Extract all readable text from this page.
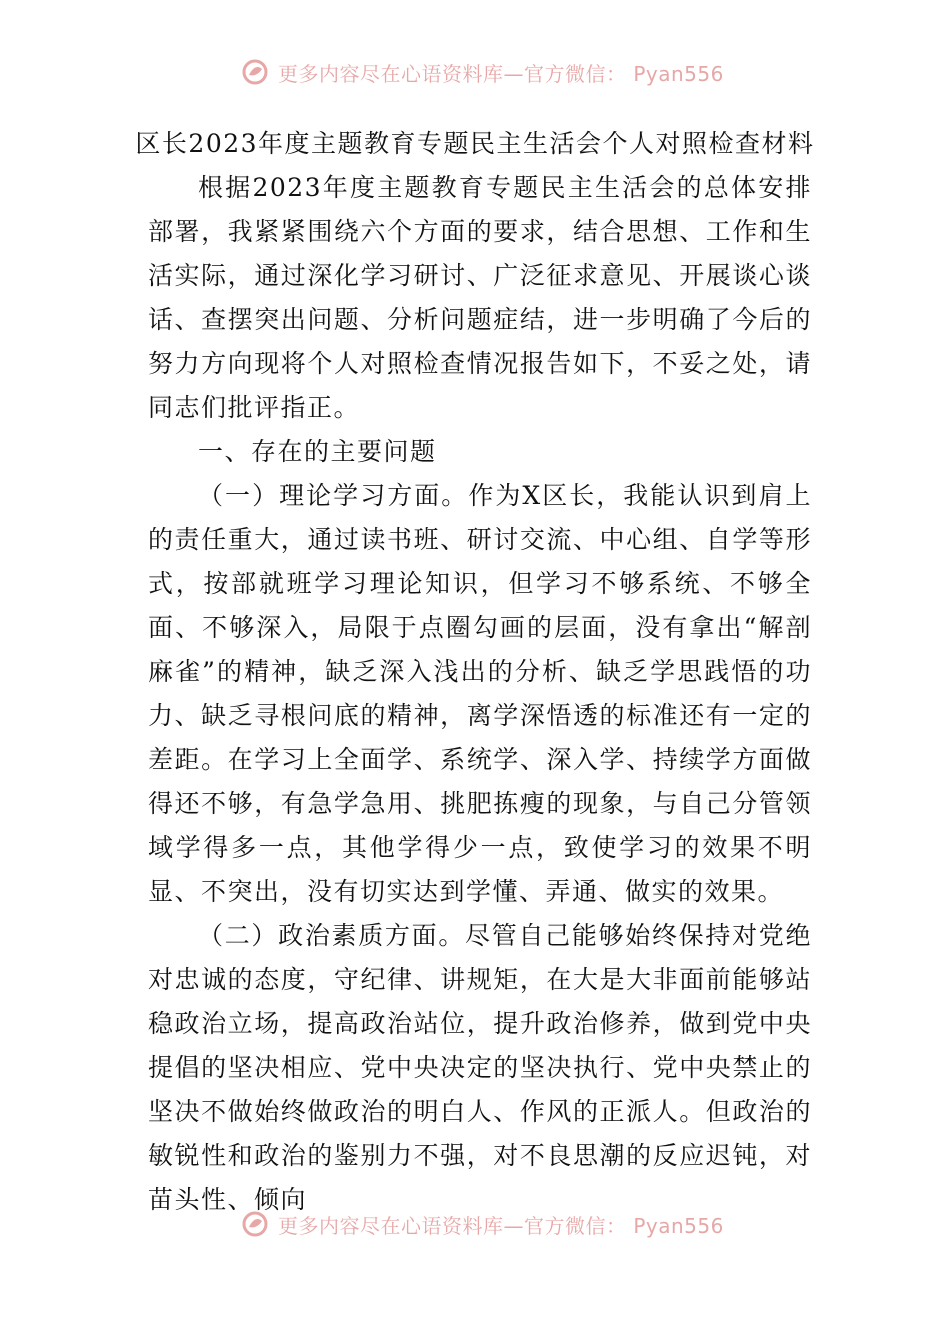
更多内容尽在心语资料库—官方微信： Pyan556
区长2023年度主题教育专题民主生活会个人对照检查材料

根据2023年度主题教育专题民主生活会的总体安排部署，我紧紧围绕六个方面的要求，结合思想、工作和生活实际，通过深化学习研讨、广泛征求意见、开展谈心谈话、查摆突出问题、分析问题症结，进一步明确了今后的努力方向现将个人对照检查情况报告如下，不妥之处，请同志们批评指正。

一、存在的主要问题

（一）理论学习方面。作为X区长，我能认识到肩上的责任重大，通过读书班、研讨交流、中心组、自学等形式，按部就班学习理论知识，但学习不够系统、不够全面、不够深入，局限于点圈勾画的层面，没有拿出“解剖麻雀”的精神，缺乏深入浅出的分析、缺乏学思践悟的功力、缺乏寻根问底的精神，离学深悟透的标准还有一定的差距。在学习上全面学、系统学、深入学、持续学方面做得还不够，有急学急用、挑肥拣瘦的现象，与自己分管领域学得多一点，其他学得少一点，致使学习的效果不明显、不突出，没有切实达到学懂、弄通、做实的效果。

（二）政治素质方面。尽管自己能够始终保持对党绝对忠诚的态度，守纪律、讲规矩，在大是大非面前能够站稳政治立场，提高政治站位，提升政治修养，做到党中央提倡的坚决相应、党中央决定的坚决执行、党中央禁止的坚决不做始终做政治的明白人、作风的正派人。但政治的敏锐性和政治的鉴别力不强，对不良思潮的反应迟钝，对苗头性、倾向

更多内容尽在心语资料库—官方微信： Pyan556
